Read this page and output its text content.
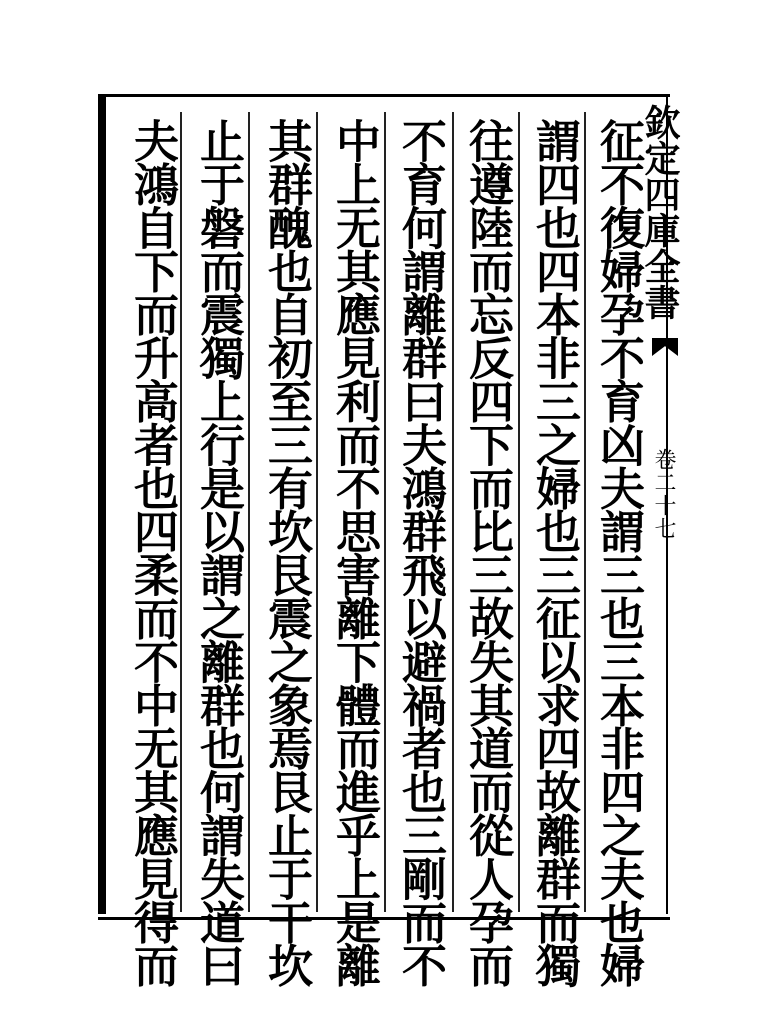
欽定四庫全書
卷二十七
征不復婦孕不育凶夫謂三也三本非四之夫也婦
謂四也四本非三之婦也三征以求四故離群而獨
往遵陸而忘反四下而比三故失其道而從人孕而
不育何謂離群曰夫鴻群飛以避禍者也三剛而不
中上无其應見利而不思害離下體而進乎上是離
其群醜也自初至三有坎艮震之象焉艮止于干坎
止于磐而震獨上行是以謂之離群也何謂失道曰
夫鴻自下而升高者也四柔而不中无其應見得而
